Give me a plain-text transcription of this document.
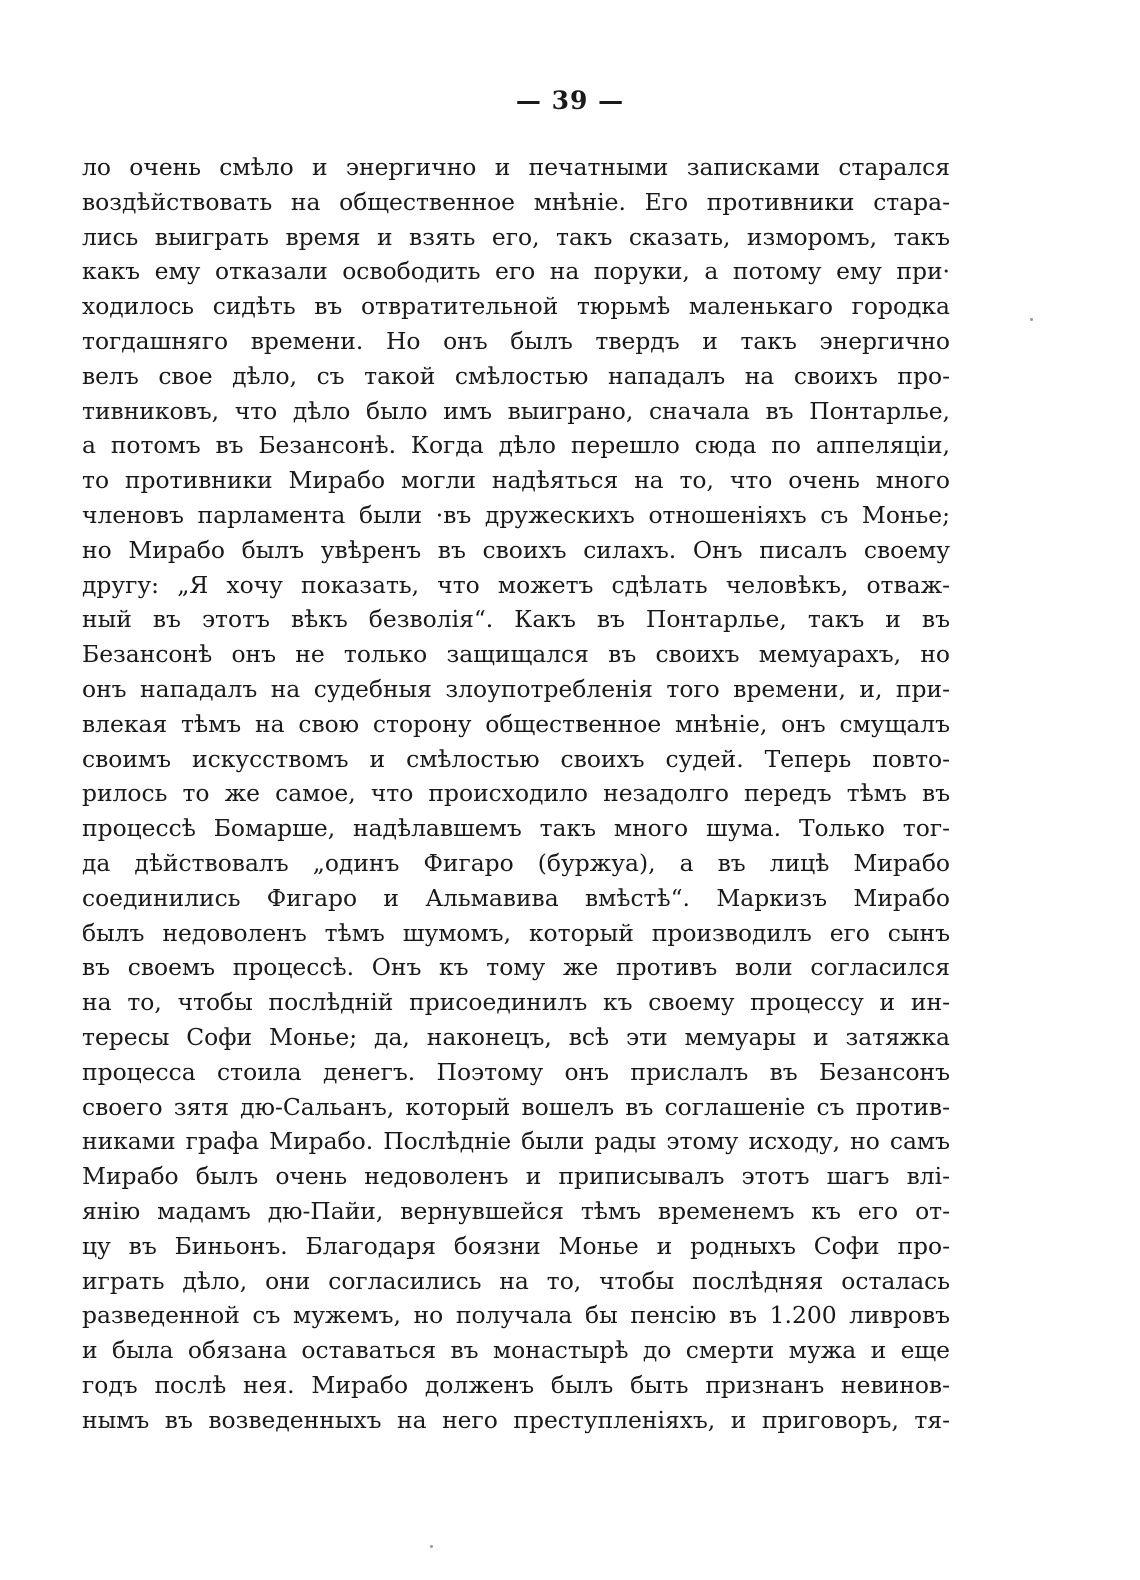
— 39 —
ло очень смѣло и энергично и печатными записками старался
воздѣйствовать на общественное мнѣніе. Его противники стара-
лись выиграть время и взять его, такъ сказать, изморомъ, такъ
какъ ему отказали освободить его на поруки, а потому ему при·
ходилось сидѣть въ отвратительной тюрьмѣ маленькаго городка
тогдашняго времени. Но онъ былъ твердъ и такъ энергично
велъ свое дѣло, съ такой смѣлостью нападалъ на своихъ про-
тивниковъ, что дѣло было имъ выиграно, сначала въ Понтарлье,
а потомъ въ Безансонѣ. Когда дѣло перешло сюда по аппеляціи,
то противники Мирабо могли надѣяться на то, что очень много
членовъ парламента были ·въ дружескихъ отношеніяхъ съ Монье;
но Мирабо былъ увѣренъ въ своихъ силахъ. Онъ писалъ своему
другу: „Я хочу показать, что можетъ сдѣлать человѣкъ, отваж-
ный въ этотъ вѣкъ безволія“. Какъ въ Понтарлье, такъ и въ
Безансонѣ онъ не только защищался въ своихъ мемуарахъ, но
онъ нападалъ на судебныя злоупотребленія того времени, и, при-
влекая тѣмъ на свою сторону общественное мнѣніе, онъ смущалъ
своимъ искусствомъ и смѣлостью своихъ судей. Теперь повто-
рилось то же самое, что происходило незадолго передъ тѣмъ въ
процессѣ Бомарше, надѣлавшемъ такъ много шума. Только тог-
да дѣйствовалъ „одинъ Фигаро (буржуа), а въ лицѣ Мирабо
соединились Фигаро и Альмавива вмѣстѣ“. Маркизъ Мирабо
былъ недоволенъ тѣмъ шумомъ, который производилъ его сынъ
въ своемъ процессѣ. Онъ къ тому же противъ воли согласился
на то, чтобы послѣдній присоединилъ къ своему процессу и ин-
тересы Софи Монье; да, наконецъ, всѣ эти мемуары и затяжка
процесса стоила денегъ. Поэтому онъ прислалъ въ Безансонъ
своего зятя дю-Сальанъ, который вошелъ въ соглашеніе съ против-
никами графа Мирабо. Послѣдніе были рады этому исходу, но самъ
Мирабо былъ очень недоволенъ и приписывалъ этотъ шагъ влі-
янію мадамъ дю-Пайи, вернувшейся тѣмъ временемъ къ его от-
цу въ Биньонъ. Благодаря боязни Монье и родныхъ Софи про-
играть дѣло, они согласились на то, чтобы послѣдняя осталась
разведенной съ мужемъ, но получала бы пенсію въ 1.200 ливровъ
и была обязана оставаться въ монастырѣ до смерти мужа и еще
годъ послѣ нея. Мирабо долженъ былъ быть признанъ невинов-
нымъ въ возведенныхъ на него преступленіяхъ, и приговоръ, тя-
